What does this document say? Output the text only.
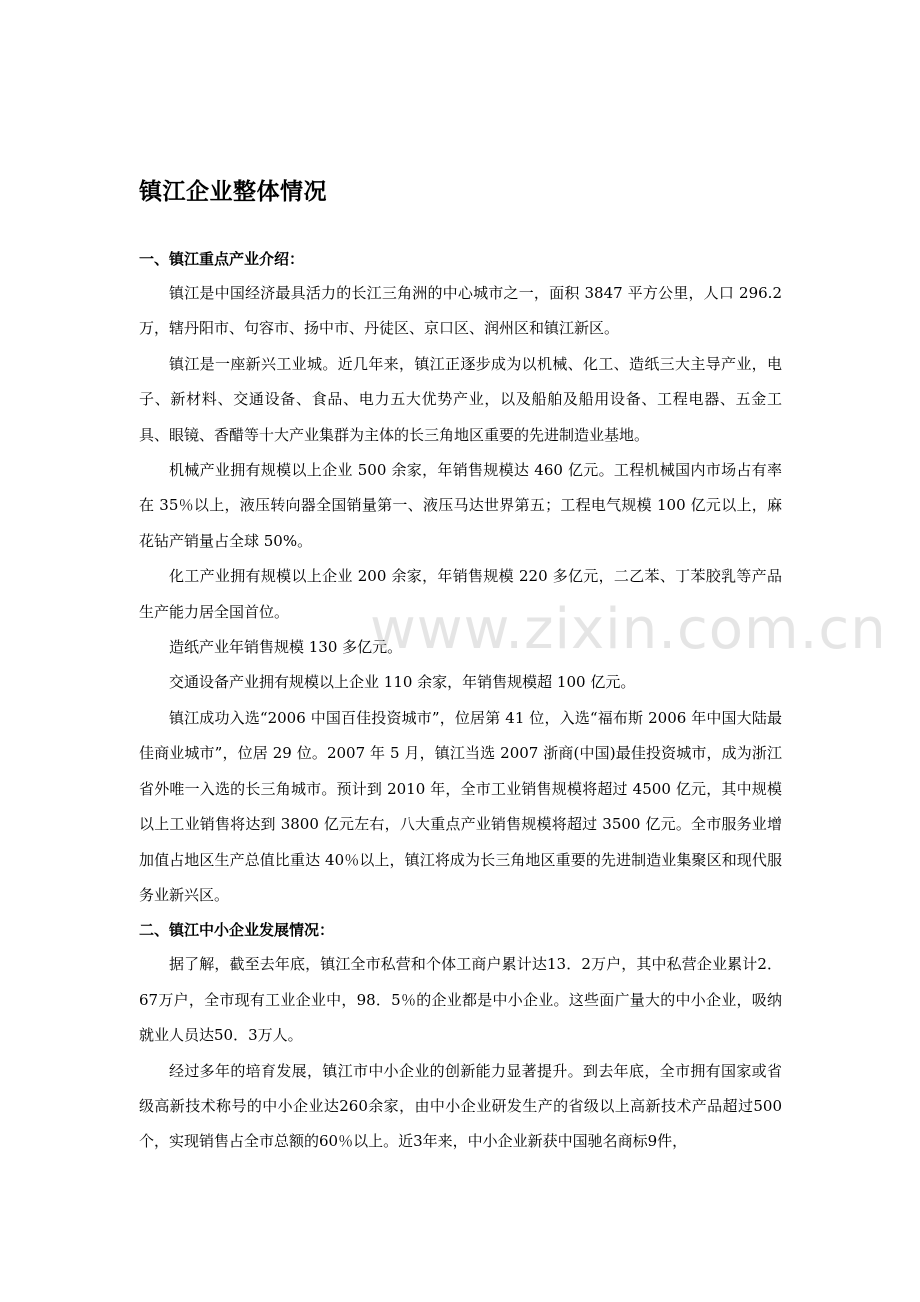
镇江企业整体情况
一、镇江重点产业介绍：

镇江是中国经济最具活力的长江三角洲的中心城市之一，面积 3847 平方公里，人口 296.2 万，辖丹阳市、句容市、扬中市、丹徒区、京口区、润州区和镇江新区。

镇江是一座新兴工业城。近几年来，镇江正逐步成为以机械、化工、造纸三大主导产业，电子、新材料、交通设备、食品、电力五大优势产业，以及船舶及船用设备、工程电器、五金工具、眼镜、香醋等十大产业集群为主体的长三角地区重要的先进制造业基地。

机械产业拥有规模以上企业 500 余家，年销售规模达 460 亿元。工程机械国内市场占有率在 35％以上，液压转向器全国销量第一、液压马达世界第五；工程电气规模 100 亿元以上，麻花钻产销量占全球 50%。

化工产业拥有规模以上企业 200 余家，年销售规模 220 多亿元，二乙苯、丁苯胶乳等产品生产能力居全国首位。

造纸产业年销售规模 130 多亿元。

交通设备产业拥有规模以上企业 110 余家，年销售规模超 100 亿元。

镇江成功入选“2006 中国百佳投资城市”，位居第 41 位，入选“福布斯 2006 年中国大陆最佳商业城市”，位居 29 位。2007 年 5 月，镇江当选 2007 浙商(中国)最佳投资城市，成为浙江省外唯一入选的长三角城市。预计到 2010 年，全市工业销售规模将超过 4500 亿元，其中规模以上工业销售将达到 3800 亿元左右，八大重点产业销售规模将超过 3500 亿元。全市服务业增加值占地区生产总值比重达 40％以上，镇江将成为长三角地区重要的先进制造业集聚区和现代服务业新兴区。

二、镇江中小企业发展情况：

据了解，截至去年底，镇江全市私营和个体工商户累计达13．2万户，其中私营企业累计2．67万户，全市现有工业企业中，98．5％的企业都是中小企业。这些面广量大的中小企业，吸纳就业人员达50．3万人。

经过多年的培育发展，镇江市中小企业的创新能力显著提升。到去年底，全市拥有国家或省级高新技术称号的中小企业达260余家，由中小企业研发生产的省级以上高新技术产品超过500个，实现销售占全市总额的60％以上。近3年来，中小企业新获中国驰名商标9件，

www.zixin.com.cn
